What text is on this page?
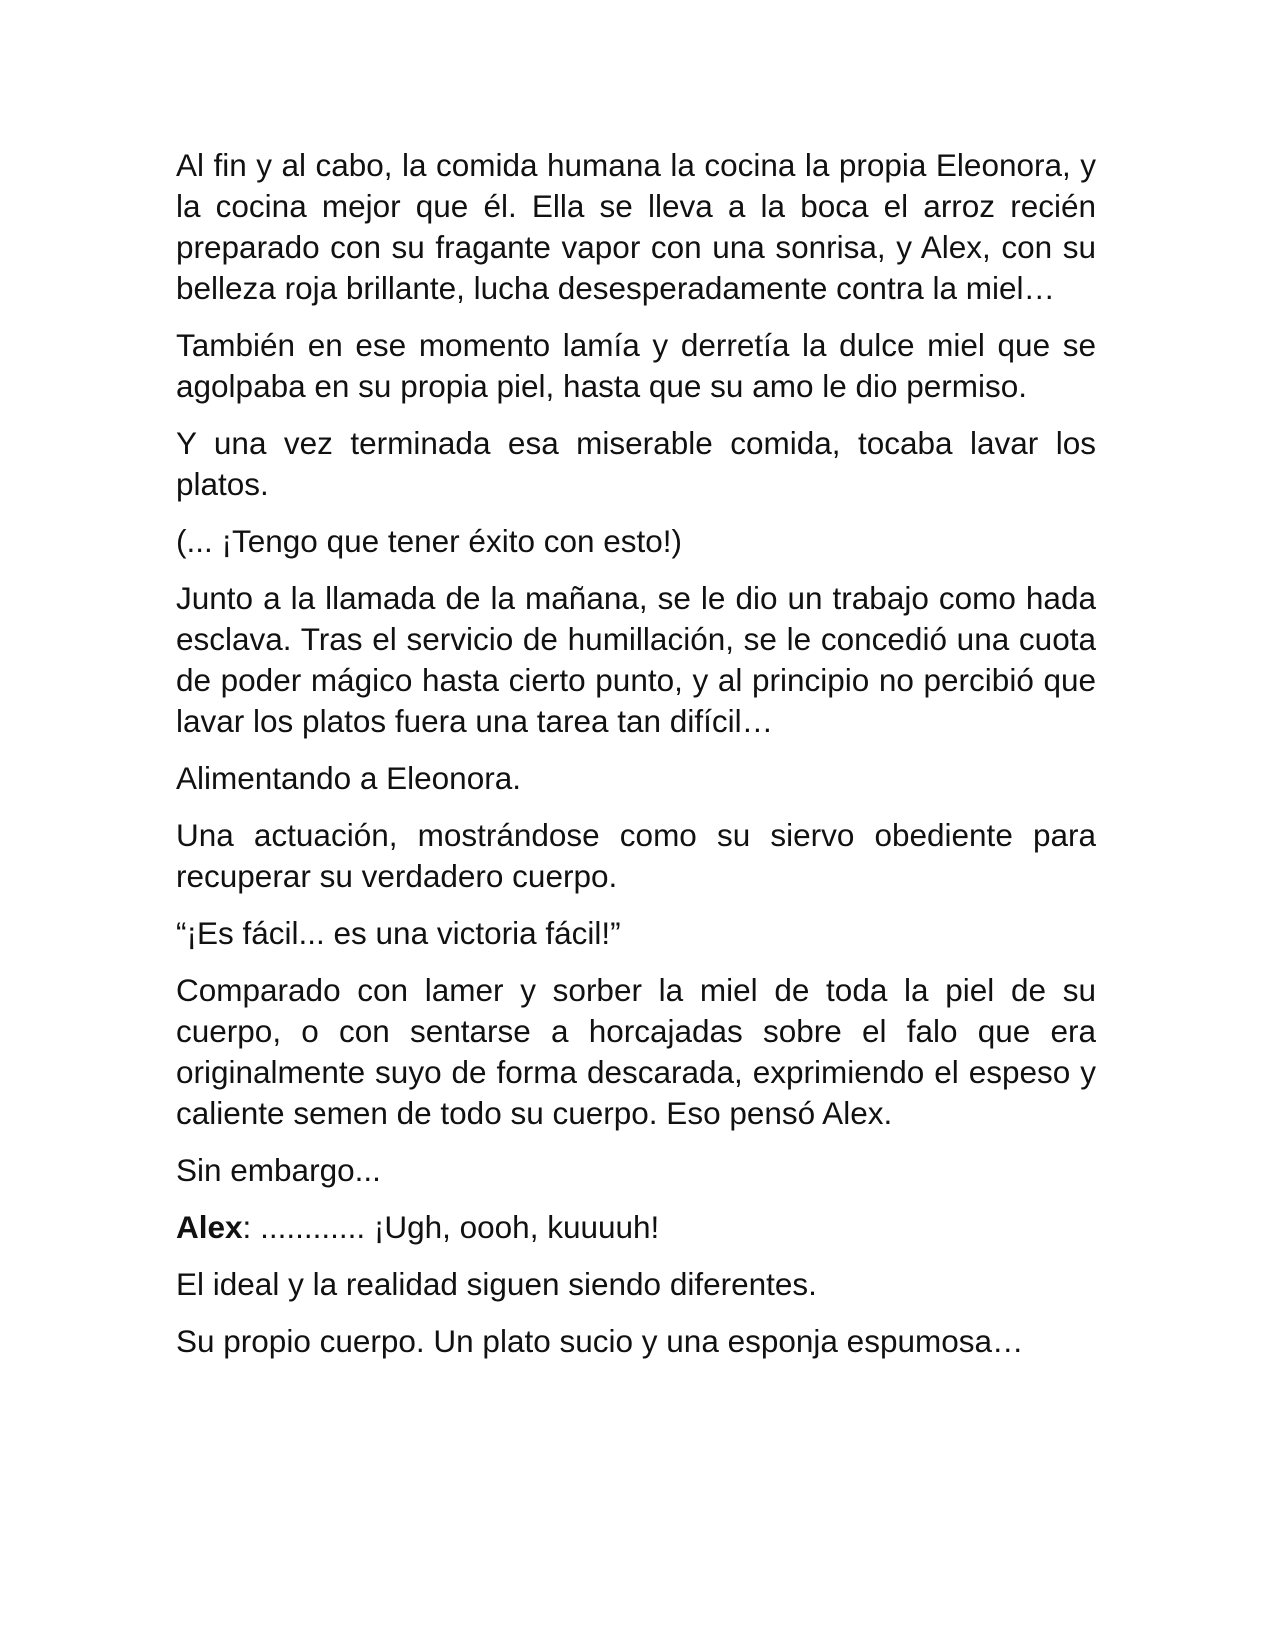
Al fin y al cabo, la comida humana la cocina la propia Eleonora, y la cocina mejor que él. Ella se lleva a la boca el arroz recién preparado con su fragante vapor con una sonrisa, y Alex, con su belleza roja brillante, lucha desesperadamente contra la miel…

También en ese momento lamía y derretía la dulce miel que se agolpaba en su propia piel, hasta que su amo le dio permiso.

Y una vez terminada esa miserable comida, tocaba lavar los platos.

(... ¡Tengo que tener éxito con esto!)

Junto a la llamada de la mañana, se le dio un trabajo como hada esclava. Tras el servicio de humillación, se le concedió una cuota de poder mágico hasta cierto punto, y al principio no percibió que lavar los platos fuera una tarea tan difícil…

Alimentando a Eleonora.

Una actuación, mostrándose como su siervo obediente para recuperar su verdadero cuerpo.

“¡Es fácil... es una victoria fácil!”

Comparado con lamer y sorber la miel de toda la piel de su cuerpo, o con sentarse a horcajadas sobre el falo que era originalmente suyo de forma descarada, exprimiendo el espeso y caliente semen de todo su cuerpo. Eso pensó Alex.

Sin embargo...

Alex: ............ ¡Ugh, oooh, kuuuuh!

El ideal y la realidad siguen siendo diferentes.

Su propio cuerpo. Un plato sucio y una esponja espumosa…
